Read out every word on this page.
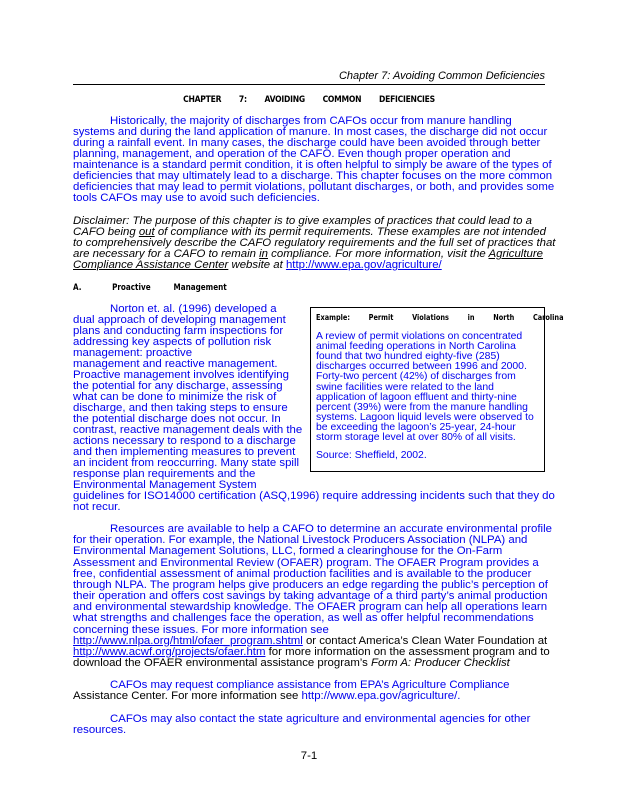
Chapter 7: Avoiding Common Deficiencies
CHAPTER 7: AVOIDING COMMON DEFICIENCIES
A.	Proactive Management
Example: Permit Violations in North Carolina
7-1
Historically, the majority of discharges from CAFOs occur from manure handling
systems and during the land application of manure. In most cases, the discharge did not occur
during a rainfall event. In many cases, the discharge could have been avoided through better
planning, management, and operation of the CAFO. Even though proper operation and
maintenance is a standard permit condition, it is often helpful to simply be aware of the types of
deficiencies that may ultimately lead to a discharge. This chapter focuses on the more common
deficiencies that may lead to permit violations, pollutant discharges, or both, and provides some
tools CAFOs may use to avoid such deficiencies.
Disclaimer: The purpose of this chapter is to give examples of practices that could lead to a
CAFO being out of compliance with its permit requirements. These examples are not intended
to comprehensively describe the CAFO regulatory requirements and the full set of practices that
are necessary for a CAFO to remain in compliance. For more information, visit the Agriculture
Compliance Assistance Center website at http://www.epa.gov/agriculture/
Norton et. al. (1996) developed a
dual approach of developing management
plans and conducting farm inspections for
addressing key aspects of pollution risk
management: proactive
management and reactive management.
Proactive management involves identifying
the potential for any discharge, assessing
what can be done to minimize the risk of
discharge, and then taking steps to ensure
the potential discharge does not occur. In
contrast, reactive management deals with the
actions necessary to respond to a discharge
and then implementing measures to prevent
an incident from reoccurring. Many state spill
response plan requirements and the
Environmental Management System
guidelines for ISO14000 certification (ASQ,1996) require addressing incidents such that they do
not recur.
Resources are available to help a CAFO to determine an accurate environmental profile
for their operation. For example, the National Livestock Producers Association (NLPA) and
Environmental Management Solutions, LLC, formed a clearinghouse for the On-Farm
Assessment and Environmental Review (OFAER) program. The OFAER Program provides a
free, confidential assessment of animal production facilities and is available to the producer
through NLPA. The program helps give producers an edge regarding the public’s perception of
their operation and offers cost savings by taking advantage of a third party’s animal production
and environmental stewardship knowledge. The OFAER program can help all operations learn
what strengths and challenges face the operation, as well as offer helpful recommendations
concerning these issues. For more information see
http://www.nlpa.org/html/ofaer_program.shtml or contact America’s Clean Water Foundation at
http://www.acwf.org/projects/ofaer.htm for more information on the assessment program and to
download the OFAER environmental assistance program’s Form A: Producer Checklist
CAFOs may request compliance assistance from EPA’s Agriculture Compliance
Assistance Center. For more information see http://www.epa.gov/agriculture/.
CAFOs may also contact the state agriculture and environmental agencies for other
resources.
A review of permit violations on concentrated
animal feeding operations in North Carolina
found that two hundred eighty-five (285)
discharges occurred between 1996 and 2000.
Forty-two percent (42%) of discharges from
swine facilities were related to the land
application of lagoon effluent and thirty-nine
percent (39%) were from the manure handling
systems. Lagoon liquid levels were observed to
be exceeding the lagoon’s 25-year, 24-hour
storm storage level at over 80% of all visits.
Source: Sheffield, 2002.
